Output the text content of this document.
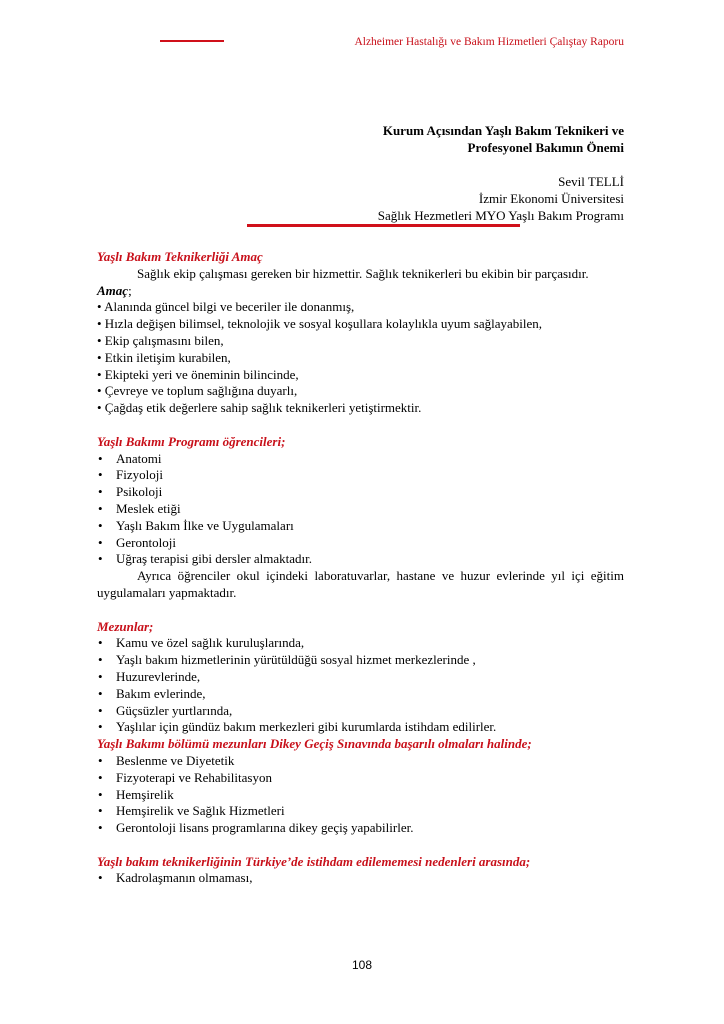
Alzheimer Hastalığı ve Bakım Hizmetleri Çalıştay Raporu
Kurum Açısından Yaşlı Bakım Teknikeri ve
Profesyonel Bakımın Önemi
Sevil TELLİ
İzmir Ekonomi Üniversitesi
Sağlık Hezmetleri MYO Yaşlı Bakım Programı
Yaşlı Bakım Teknikerliği Amaç

Sağlık ekip çalışması gereken bir hizmettir. Sağlık teknikerleri bu ekibin bir parçasıdır.

Amaç;
• Alanında güncel bilgi ve beceriler ile donanmış,
• Hızla değişen bilimsel, teknolojik ve sosyal koşullara kolaylıkla uyum sağlayabilen,
• Ekip çalışmasını bilen,
• Etkin iletişim kurabilen,
• Ekipteki yeri ve öneminin bilincinde,
• Çevreye ve toplum sağlığına duyarlı,
• Çağdaş etik değerlere sahip sağlık teknikerleri yetiştirmektir.
Yaşlı Bakımı Programı öğrencileri;
• Anatomi
• Fizyoloji
• Psikoloji
• Meslek etiği
• Yaşlı Bakım İlke ve Uygulamaları
• Gerontoloji
• Uğraş terapisi gibi dersler almaktadır.

Ayrıca öğrenciler okul içindeki laboratuvarlar, hastane ve huzur evlerinde yıl içi eğitim uygulamaları yapmaktadır.

Mezunlar;
• Kamu ve özel sağlık kuruluşlarında,
• Yaşlı bakım hizmetlerinin yürütüldüğü sosyal hizmet merkezlerinde ,
• Huzurevlerinde,
• Bakım evlerinde,
• Güçsüzler yurtlarında,
• Yaşlılar için gündüz bakım merkezleri gibi kurumlarda istihdam edilirler.
Yaşlı Bakımı bölümü mezunları Dikey Geçiş Sınavında başarılı olmaları halinde;
• Beslenme ve Diyetetik
• Fizyoterapi ve Rehabilitasyon
• Hemşirelik
• Hemşirelik ve Sağlık Hizmetleri
• Gerontoloji lisans programlarına dikey geçiş yapabilirler.
Yaşlı bakım teknikerliğinin Türkiye’de istihdam edilememesi nedenleri arasında;
• Kadrolaşmanın olmaması,
108
